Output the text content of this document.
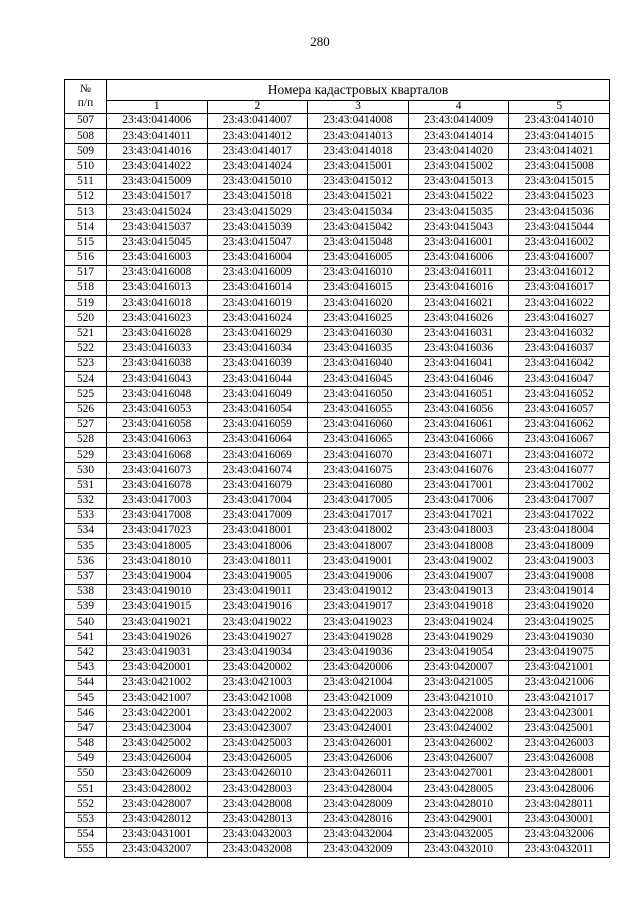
280
№
п/п	Номера кадастровых кварталов				
	1	2	3	4	5
507	23:43:0414006	23:43:0414007	23:43:0414008	23:43:0414009	23:43:0414010
508	23:43:0414011	23:43:0414012	23:43:0414013	23:43:0414014	23:43:0414015
509	23:43:0414016	23:43:0414017	23:43:0414018	23:43:0414020	23:43:0414021
510	23:43:0414022	23:43:0414024	23:43:0415001	23:43:0415002	23:43:0415008
511	23:43:0415009	23:43:0415010	23:43:0415012	23:43:0415013	23:43:0415015
512	23:43:0415017	23:43:0415018	23:43:0415021	23:43:0415022	23:43:0415023
513	23:43:0415024	23:43:0415029	23:43:0415034	23:43:0415035	23:43:0415036
514	23:43:0415037	23:43:0415039	23:43:0415042	23:43:0415043	23:43:0415044
515	23:43:0415045	23:43:0415047	23:43:0415048	23:43:0416001	23:43:0416002
516	23:43:0416003	23:43:0416004	23:43:0416005	23:43:0416006	23:43:0416007
517	23:43:0416008	23:43:0416009	23:43:0416010	23:43:0416011	23:43:0416012
518	23:43:0416013	23:43:0416014	23:43:0416015	23:43:0416016	23:43:0416017
519	23:43:0416018	23:43:0416019	23:43:0416020	23:43:0416021	23:43:0416022
520	23:43:0416023	23:43:0416024	23:43:0416025	23:43:0416026	23:43:0416027
521	23:43:0416028	23:43:0416029	23:43:0416030	23:43:0416031	23:43:0416032
522	23:43:0416033	23:43:0416034	23:43:0416035	23:43:0416036	23:43:0416037
523	23:43:0416038	23:43:0416039	23:43:0416040	23:43:0416041	23:43:0416042
524	23:43:0416043	23:43:0416044	23:43:0416045	23:43:0416046	23:43:0416047
525	23:43:0416048	23:43:0416049	23:43:0416050	23:43:0416051	23:43:0416052
526	23:43:0416053	23:43:0416054	23:43:0416055	23:43:0416056	23:43:0416057
527	23:43:0416058	23:43:0416059	23:43:0416060	23:43:0416061	23:43:0416062
528	23:43:0416063	23:43:0416064	23:43:0416065	23:43:0416066	23:43:0416067
529	23:43:0416068	23:43:0416069	23:43:0416070	23:43:0416071	23:43:0416072
530	23:43:0416073	23:43:0416074	23:43:0416075	23:43:0416076	23:43:0416077
531	23:43:0416078	23:43:0416079	23:43:0416080	23:43:0417001	23:43:0417002
532	23:43:0417003	23:43:0417004	23:43:0417005	23:43:0417006	23:43:0417007
533	23:43:0417008	23:43:0417009	23:43:0417017	23:43:0417021	23:43:0417022
534	23:43:0417023	23:43:0418001	23:43:0418002	23:43:0418003	23:43:0418004
535	23:43:0418005	23:43:0418006	23:43:0418007	23:43:0418008	23:43:0418009
536	23:43:0418010	23:43:0418011	23:43:0419001	23:43:0419002	23:43:0419003
537	23:43:0419004	23:43:0419005	23:43:0419006	23:43:0419007	23:43:0419008
538	23:43:0419010	23:43:0419011	23:43:0419012	23:43:0419013	23:43:0419014
539	23:43:0419015	23:43:0419016	23:43:0419017	23:43:0419018	23:43:0419020
540	23:43:0419021	23:43:0419022	23:43:0419023	23:43:0419024	23:43:0419025
541	23:43:0419026	23:43:0419027	23:43:0419028	23:43:0419029	23:43:0419030
542	23:43:0419031	23:43:0419034	23:43:0419036	23:43:0419054	23:43:0419075
543	23:43:0420001	23:43:0420002	23:43:0420006	23:43:0420007	23:43:0421001
544	23:43:0421002	23:43:0421003	23:43:0421004	23:43:0421005	23:43:0421006
545	23:43:0421007	23:43:0421008	23:43:0421009	23:43:0421010	23:43:0421017
546	23:43:0422001	23:43:0422002	23:43:0422003	23:43:0422008	23:43:0423001
547	23:43:0423004	23:43:0423007	23:43:0424001	23:43:0424002	23:43:0425001
548	23:43:0425002	23:43:0425003	23:43:0426001	23:43:0426002	23:43:0426003
549	23:43:0426004	23:43:0426005	23:43:0426006	23:43:0426007	23:43:0426008
550	23:43:0426009	23:43:0426010	23:43:0426011	23:43:0427001	23:43:0428001
551	23:43:0428002	23:43:0428003	23:43:0428004	23:43:0428005	23:43:0428006
552	23:43:0428007	23:43:0428008	23:43:0428009	23:43:0428010	23:43:0428011
553	23:43:0428012	23:43:0428013	23:43:0428016	23:43:0429001	23:43:0430001
554	23:43:0431001	23:43:0432003	23:43:0432004	23:43:0432005	23:43:0432006
555	23:43:0432007	23:43:0432008	23:43:0432009	23:43:0432010	23:43:0432011
